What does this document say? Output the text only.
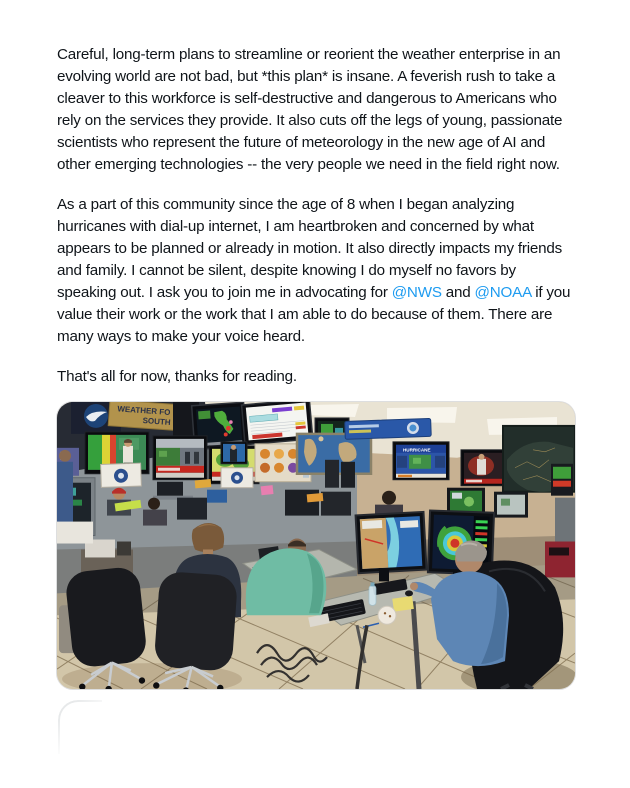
Careful, long-term plans to streamline or reorient the weather enterprise in an evolving world are not bad, but *this plan* is insane. A feverish rush to take a cleaver to this workforce is self-destructive and dangerous to Americans who rely on the services they provide. It also cuts off the legs of young, passionate scientists who represent the future of meteorology in the new age of AI and other emerging technologies -- the very people we need in the field right now.

As a part of this community since the age of 8 when I began analyzing hurricanes with dial-up internet, I am heartbroken and concerned by what appears to be planned or already in motion. It also directly impacts my friends and family. I cannot be silent, despite knowing I do myself no favors by speaking out. I ask you to join me in advocating for @NWS and @NOAA if you value their work or the work that I am able to do because of them. There are many ways to make your voice heard.

That's all for now, thanks for reading.

WEATHER FO
SOUTH
HURRICANE
